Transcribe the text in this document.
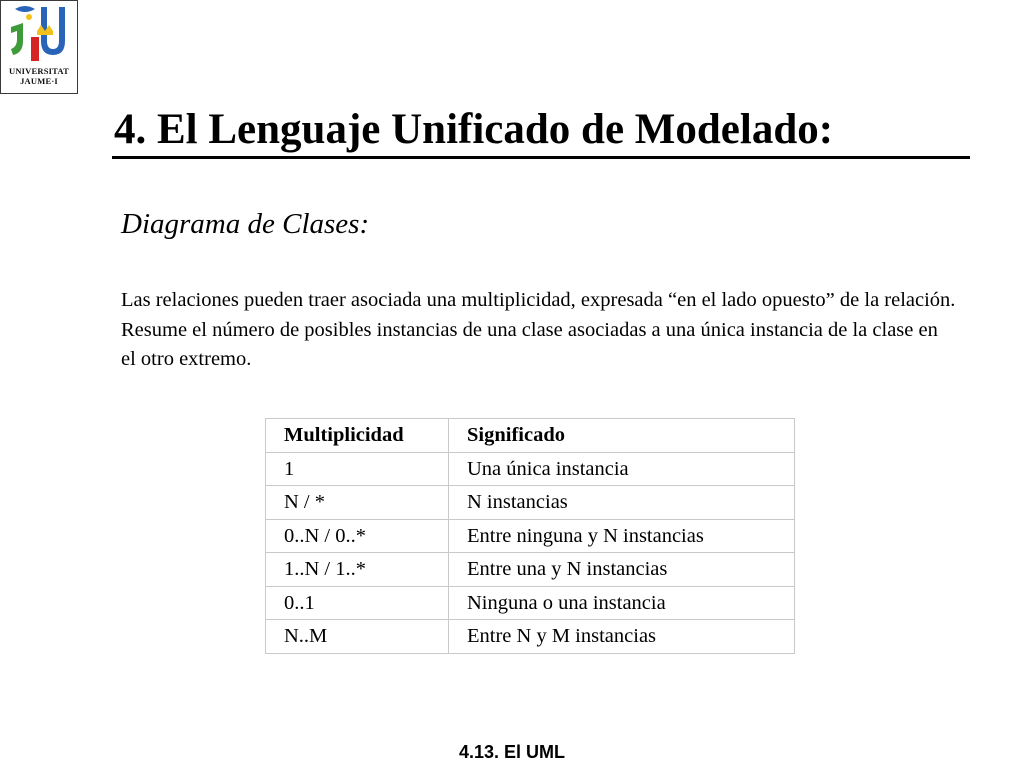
UNIVERSITAT
JAUME·I
4. El Lenguaje Unificado de Modelado:
Diagrama de Clases:

Las relaciones pueden traer asociada una multiplicidad, expresada “en el lado opuesto” de la relación. Resume el número de posibles instancias de una clase asociadas a una única instancia de la clase en el otro extremo.

Multiplicidad	Significado
1	Una única instancia
N / *	N instancias
0..N / 0..*	Entre ninguna y N instancias
1..N / 1..*	Entre una y N instancias
0..1	Ninguna o una instancia
N..M	Entre N y M instancias
4.13. El UML
